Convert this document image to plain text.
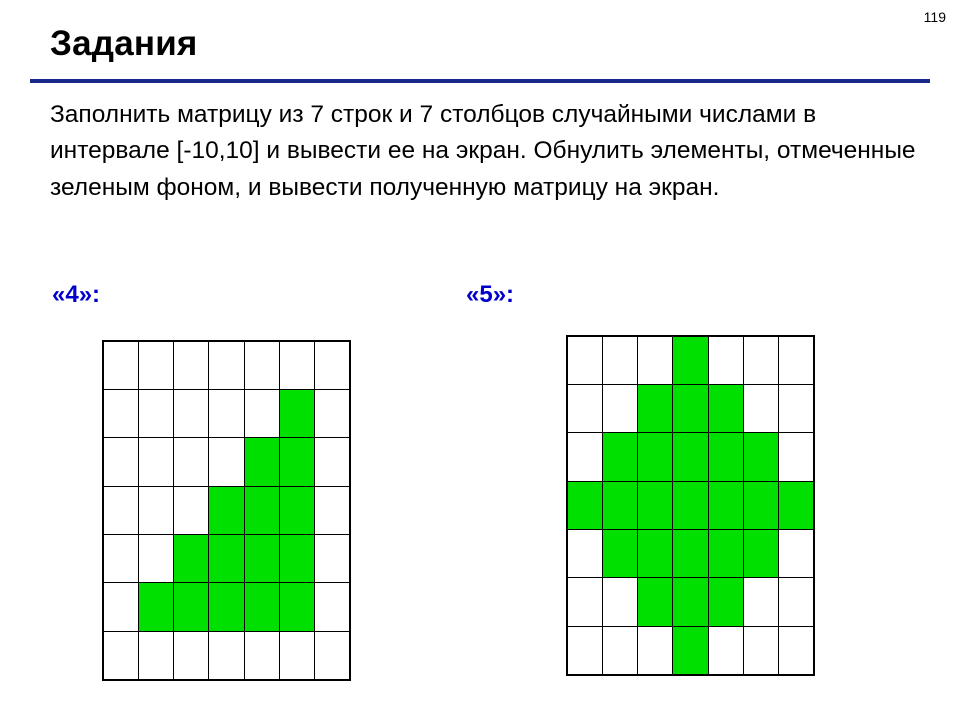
119
Задания

Заполнить матрицу из 7 строк и 7 столбцов случайными числами в интервале [-10,10] и вывести ее на экран. Обнулить элементы, отмеченные зеленым фоном, и вывести полученную матрицу на экран.

«4»:	«5»:
